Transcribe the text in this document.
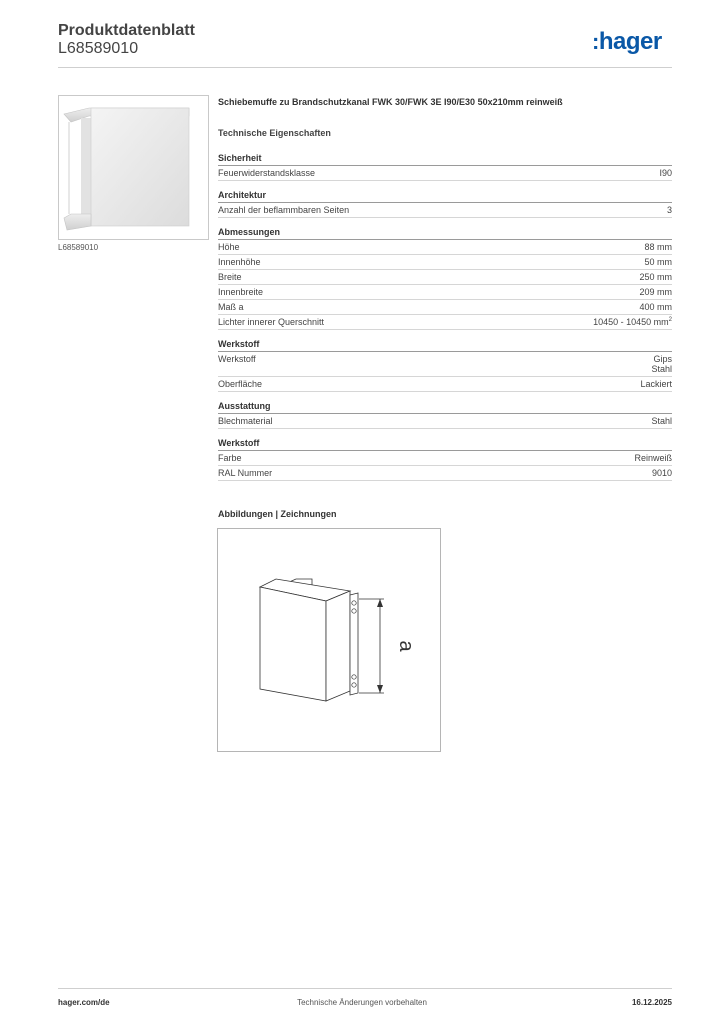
Produktdatenblatt
L68589010	:hager
L68589010
Schiebemuffe zu Brandschutzkanal FWK 30/FWK 3E I90/E30 50x210mm reinweiß
Technische Eigenschaften
Sicherheit
Feuerwiderstandsklasse	I90
Architektur
Anzahl der beflammbaren Seiten	3
Abmessungen
Höhe	88 mm
Innenhöhe	50 mm
Breite	250 mm
Innenbreite	209 mm
Maß a	400 mm
Lichter innerer Querschnitt	10450 - 10450 $mm^2$
Werkstoff
Werkstoff	Gips
Stahl
Oberfläche	Lackiert
Ausstattung
Blechmaterial	Stahl
Werkstoff
Farbe	Reinweiß
RAL Nummer	9010
Abbildungen | Zeichnungen
a
hager.com/de	Technische Änderungen vorbehalten	16.12.2025
